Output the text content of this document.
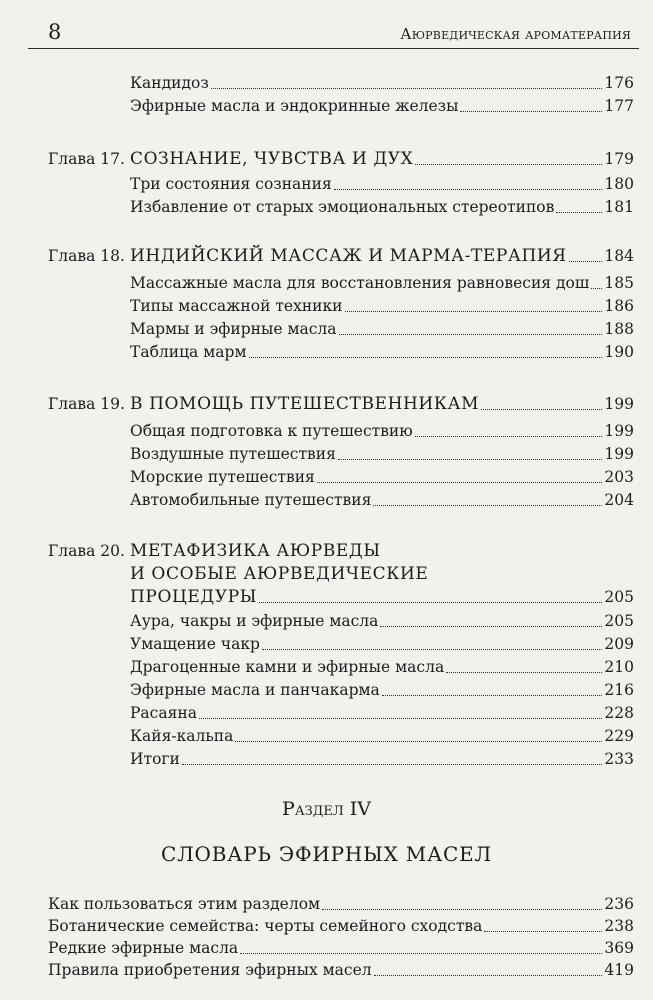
8	Аюрведическая ароматерапия
Кандидоз	176
Эфирные масла и эндокринные железы	177
Глава 17. СОЗНАНИЕ, ЧУВСТВА И ДУХ	179
Три состояния сознания	180
Избавление от старых эмоциональных стереотипов	181
Глава 18. ИНДИЙСКИЙ МАССАЖ И МАРМА-ТЕРАПИЯ 184
Массажные масла для восстановления равновесия дош 185
Типы массажной техники	186
Мармы и эфирные масла	188
Таблица марм	190
Глава 19. В ПОМОЩЬ ПУТЕШЕСТВЕННИКАМ	199
Общая подготовка к путешествию	199
Воздушные путешествия	199
Морские путешествия	203
Автомобильные путешествия	204
Глава 20. МЕТАФИЗИКА АЮРВЕДЫ
И ОСОБЫЕ АЮРВЕДИЧЕСКИЕ
ПРОЦЕДУРЫ	205
Аура, чакры и эфирные масла	205
Умащение чакр	209
Драгоценные камни и эфирные масла	210
Эфирные масла и панчакарма	216
Расаяна	228
Кайя-кальпа	229
Итоги	233
Раздел IV
СЛОВАРЬ ЭФИРНЫХ МАСЕЛ
Как пользоваться этим разделом	236
Ботанические семейства: черты семейного сходства	238
Редкие эфирные масла	369
Правила приобретения эфирных масел	419
